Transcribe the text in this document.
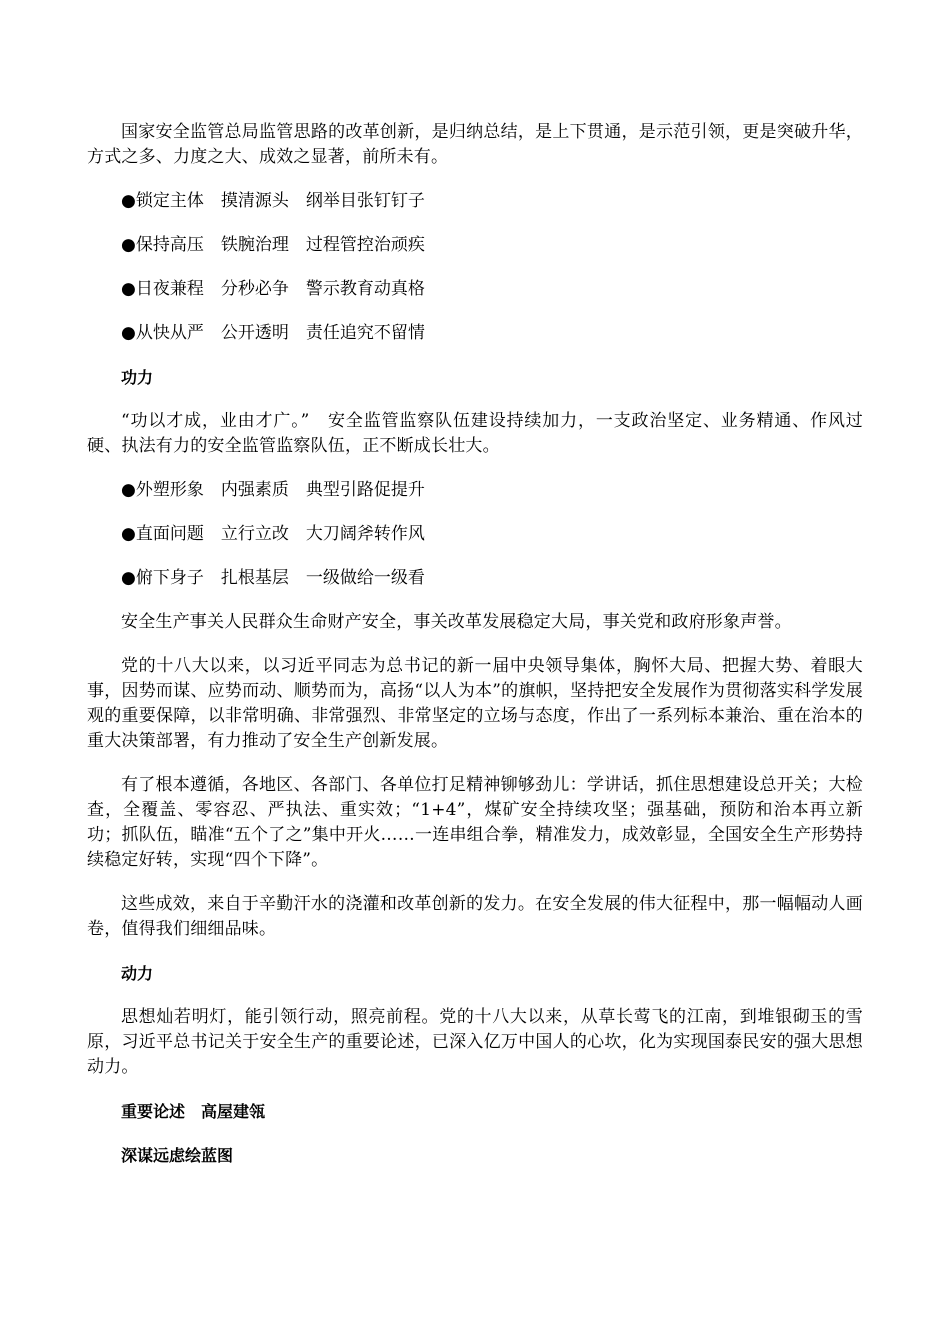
国家安全监管总局监管思路的改革创新，是归纳总结，是上下贯通，是示范引领，更是突破升华，方式之多、力度之大、成效之显著，前所未有。

●锁定主体　摸清源头　纲举目张钉钉子
●保持高压　铁腕治理　过程管控治顽疾
●日夜兼程　分秒必争　警示教育动真格
●从快从严　公开透明　责任追究不留情
功力

“功以才成，业由才广。”　安全监管监察队伍建设持续加力，一支政治坚定、业务精通、作风过硬、执法有力的安全监管监察队伍，正不断成长壮大。

●外塑形象　内强素质　典型引路促提升
●直面问题　立行立改　大刀阔斧转作风
●俯下身子　扎根基层　一级做给一级看

安全生产事关人民群众生命财产安全，事关改革发展稳定大局，事关党和政府形象声誉。

党的十八大以来，以习近平同志为总书记的新一届中央领导集体，胸怀大局、把握大势、着眼大事，因势而谋、应势而动、顺势而为，高扬“以人为本”的旗帜，坚持把安全发展作为贯彻落实科学发展观的重要保障，以非常明确、非常强烈、非常坚定的立场与态度，作出了一系列标本兼治、重在治本的重大决策部署，有力推动了安全生产创新发展。

有了根本遵循，各地区、各部门、各单位打足精神铆够劲儿：学讲话，抓住思想建设总开关；大检查，全覆盖、零容忍、严执法、重实效；“1+4”，煤矿安全持续攻坚；强基础，预防和治本再立新功；抓队伍，瞄准“五个了之”集中开火……一连串组合拳，精准发力，成效彰显，全国安全生产形势持续稳定好转，实现“四个下降”。

这些成效，来自于辛勤汗水的浇灌和改革创新的发力。在安全发展的伟大征程中，那一幅幅动人画卷，值得我们细细品味。

动力

思想灿若明灯，能引领行动，照亮前程。党的十八大以来，从草长莺飞的江南，到堆银砌玉的雪原，习近平总书记关于安全生产的重要论述，已深入亿万中国人的心坎，化为实现国泰民安的强大思想动力。

重要论述　高屋建瓴
深谋远虑绘蓝图
